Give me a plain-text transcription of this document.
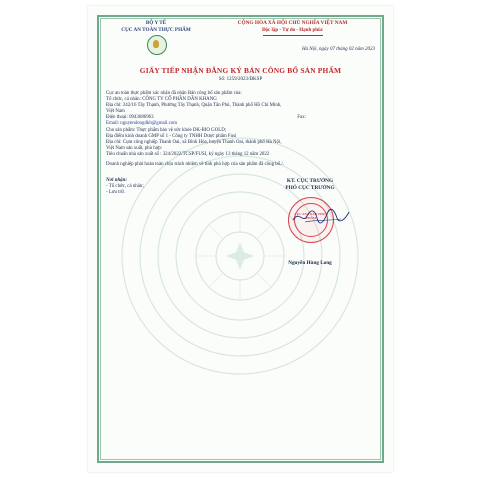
BỘ Y TẾ
CỤC AN TOÀN THỰC PHẨM
CỘNG HÒA XÃ HỘI CHỦ NGHĨA VIỆT NAM
Độc lập - Tự do - Hạnh phúc
Hà Nội, ngày 07 tháng 02 năm 2023
GIẤY TIẾP NHẬN ĐĂNG KÝ BẢN CÔNG BỐ SẢN PHẨM
Số: 1259/2023/ĐKSP

Cục an toàn thực phẩm xác nhận đã nhận Bản công bố sản phẩm của:

Tổ chức, cá nhân: CÔNG TY CỔ PHẦN DẦN KHANG

Địa chỉ: 242/16 Tây Thạnh, Phường Tây Thạnh, Quận Tân Phú, Thành phố Hồ Chí Minh,

Việt Nam

Điện thoại: 0943686963	Fax:

Email: nguyendongdkh@gmail.com

Cho sản phẩm: Thực phẩm bảo vệ sức khỏe DK-BIO GOLD;

Địa điểm kinh doanh GMP số 1 - Công ty TNHH Dược phẩm Fusi

Địa chỉ: Cụm công nghiệp Thanh Oai, xã Bình Hòa, huyện Thanh Oai, thành phố Hà Nội,

Việt Nam sản xuất, phù hợp:

Tiêu chuẩn nhà sản xuất số : 324/2022/TCSP/FUSI, ký ngày 13 tháng 12 năm 2022

Doanh nghiệp phải hoàn toàn chịu trách nhiệm về tính phù hợp của sản phẩm đã công bố./.

Nơi nhận:
- Tổ chức, cá nhân;
- Lưu trữ.
KT. CỤC TRƯỞNG
PHÓ CỤC TRƯỞNG
CỤC AN TOÀN THỰC PHẨM
Nguyễn Hùng Long
